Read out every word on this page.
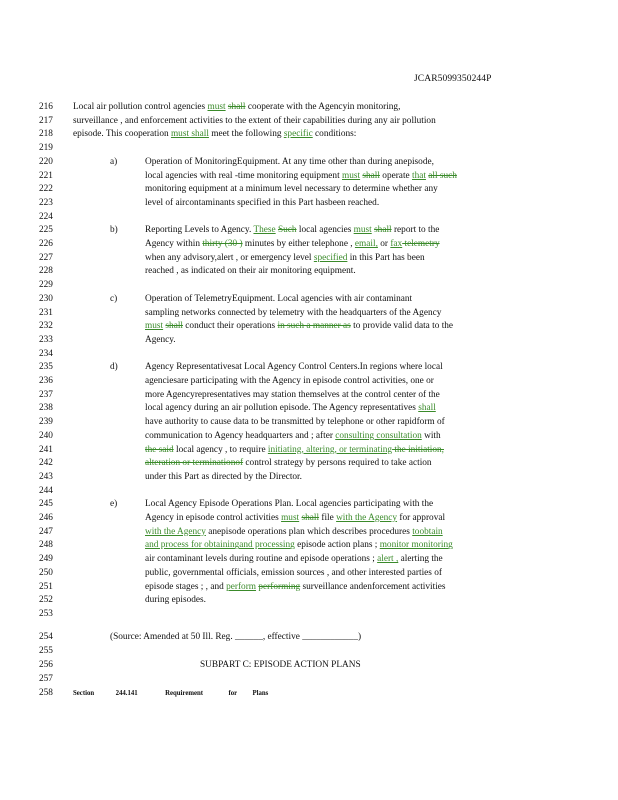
JCAR5099350244P
216
217
218
219
220
221
222
223
224
225
226
227
228
229
230
231
232
233
234
235
236
237
238
239
240
241
242
243
244
245
246
247
248
249
250
251
252
253
254
255
256
257
258
Local air pollution control agencies must shall cooperate with the Agencyin monitoring,
surveillance , and enforcement activities to the extent of their capabilities during any air pollution
episode. This cooperation must shall meet the following specific conditions:
a)	Operation of MonitoringEquipment. At any time other than during anepisode,
local agencies with real -time monitoring equipment must shall operate that all such
monitoring equipment at a minimum level necessary to determine whether any
level of aircontaminants specified in this Part hasbeen reached.
b)	Reporting Levels to Agency. These Such local agencies must shall report to the
Agency within thirty (30 ) minutes by either telephone , email, or fax telemetry
when any advisory,alert , or emergency level specified in this Part has been
reached , as indicated on their air monitoring equipment.
c)	Operation of TelemetryEquipment. Local agencies with air contaminant
sampling networks connected by telemetry with the headquarters of the Agency
must shall conduct their operations in such a manner as to provide valid data to the
Agency.
d)	Agency Representativesat Local Agency Control Centers.In regions where local
agenciesare participating with the Agency in episode control activities, one or
more Agencyrepresentatives may station themselves at the control center of the
local agency during an air pollution episode. The Agency representatives shall
have authority to cause data to be transmitted by telephone or other rapidform of
communication to Agency headquarters and ; after consulting consultation with
the said local agency , to require initiating, altering, or terminating the initiation,
alteration or terminationof control strategy by persons required to take action
under this Part as directed by the Director.
e)	Local Agency Episode Operations Plan. Local agencies participating with the
Agency in episode control activities must shall file with the Agency for approval
with the Agency anepisode operations plan which describes procedures toobtain
and process for obtainingand processing episode action plans ; monitor monitoring
air contaminant levels during routine and episode operations ; alert , alerting the
public, governmental officials, emission sources , and other interested parties of
episode stages ; , and perform performing surveillance andenforcement activities
during episodes.
(Source: Amended at 50 Ill. Reg. ______, effective ____________)
SUBPART C: EPISODE ACTION PLANS
Section	244.141	Requirement	for Plans
